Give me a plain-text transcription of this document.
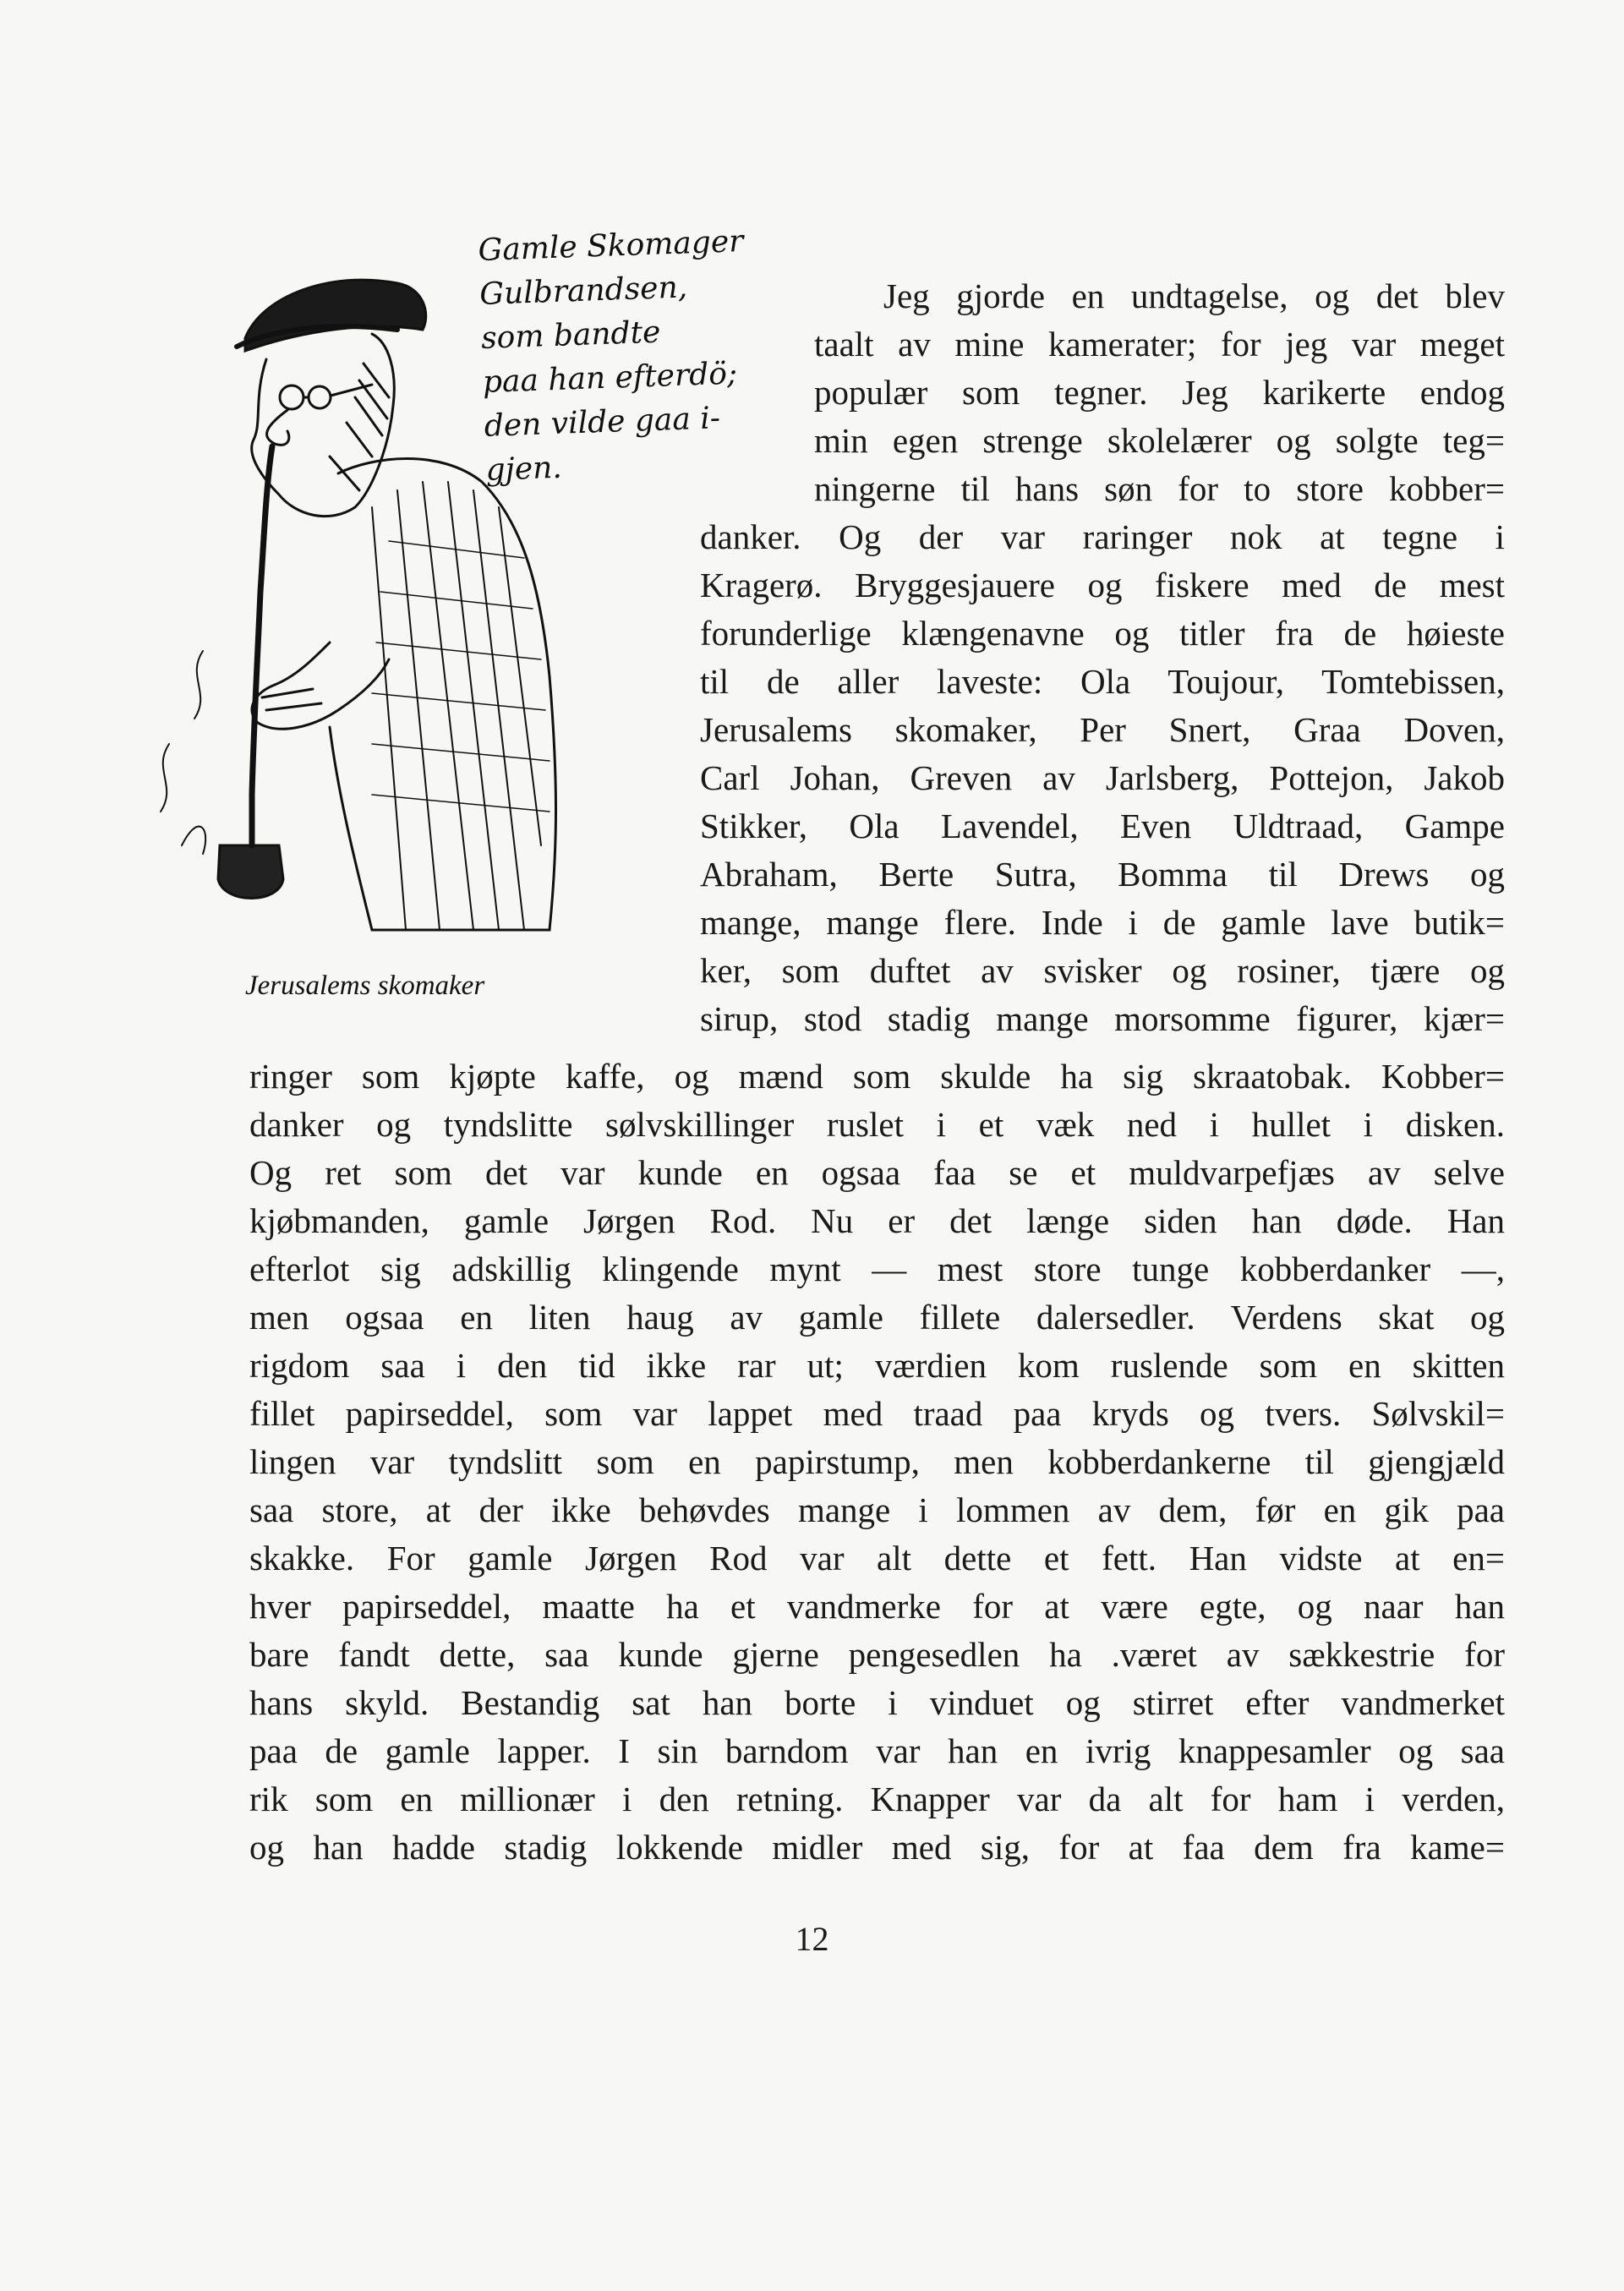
Gamle Skomager
Gulbrandsen,
som bandte
paa han efterdö;
den vilde gaa i-
gjen.
Jerusalems skomaker
Jeg gjorde en undtagelse, og det blev
taalt av mine kamerater; for jeg var meget
populær som tegner. Jeg karikerte endog
min egen strenge skolelærer og solgte teg=
ningerne til hans søn for to store kobber=
danker. Og der var raringer nok at tegne i
Kragerø. Bryggesjauere og fiskere med de mest
forunderlige klængenavne og titler fra de høieste
til de aller laveste: Ola Toujour, Tomtebissen,
Jerusalems skomaker, Per Snert, Graa Doven,
Carl Johan, Greven av Jarlsberg, Pottejon, Jakob
Stikker, Ola Lavendel, Even Uldtraad, Gampe
Abraham, Berte Sutra, Bomma til Drews og
mange, mange flere. Inde i de gamle lave butik=
ker, som duftet av svisker og rosiner, tjære og
sirup, stod stadig mange morsomme figurer, kjær=
ringer som kjøpte kaffe, og mænd som skulde ha sig skraatobak. Kobber=
danker og tyndslitte sølvskillinger ruslet i et væk ned i hullet i disken.
Og ret som det var kunde en ogsaa faa se et muldvarpefjæs av selve
kjøbmanden, gamle Jørgen Rod. Nu er det længe siden han døde. Han
efterlot sig adskillig klingende mynt — mest store tunge kobberdanker —,
men ogsaa en liten haug av gamle fillete dalersedler. Verdens skat og
rigdom saa i den tid ikke rar ut; værdien kom ruslende som en skitten
fillet papirseddel, som var lappet med traad paa kryds og tvers. Sølvskil=
lingen var tyndslitt som en papirstump, men kobberdankerne til gjengjæld
saa store, at der ikke behøvdes mange i lommen av dem, før en gik paa
skakke. For gamle Jørgen Rod var alt dette et fett. Han vidste at en=
hver papirseddel, maatte ha et vandmerke for at være egte, og naar han
bare fandt dette, saa kunde gjerne pengesedlen ha .været av sækkestrie for
hans skyld. Bestandig sat han borte i vinduet og stirret efter vandmerket
paa de gamle lapper. I sin barndom var han en ivrig knappesamler og saa
rik som en millionær i den retning. Knapper var da alt for ham i verden,
og han hadde stadig lokkende midler med sig, for at faa dem fra kame=
12
